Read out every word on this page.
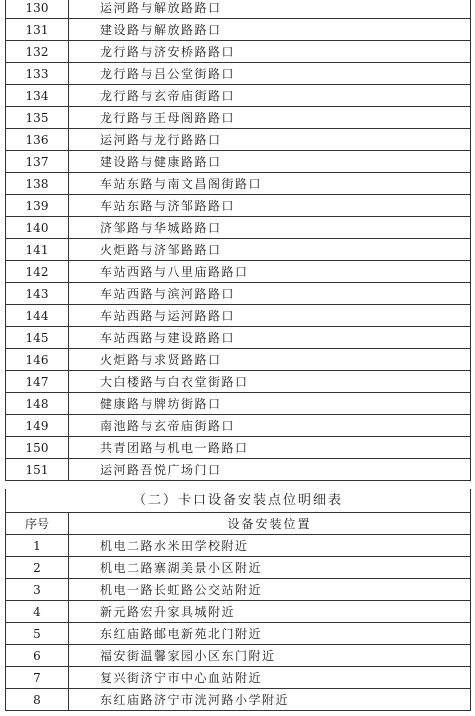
130	运河路与解放路路口
131	建设路与解放路路口
132	龙行路与济安桥路路口
133	龙行路与吕公堂街路口
134	龙行路与玄帝庙街路口
135	龙行路与王母阁路路口
136	运河路与龙行路路口
137	建设路与健康路路口
138	车站东路与南文昌阁街路口
139	车站东路与济邹路路口
140	济邹路与华城路路口
141	火炬路与济邹路路口
142	车站西路与八里庙路路口
143	车站西路与滨河路路口
144	车站西路与运河路路口
145	车站西路与建设路路口
146	火炬路与求贤路路口
147	大白楼路与白衣堂街路口
148	健康路与牌坊街路口
149	南池路与玄帝庙街路口
150	共青团路与机电一路路口
151	运河路吾悦广场门口
（二）卡口设备安装点位明细表
序号	设备安装位置
1	机电二路水米田学校附近
2	机电二路寨湖美景小区附近
3	机电一路长虹路公交站附近
4	新元路宏升家具城附近
5	东红庙路邮电新苑北门附近
6	福安街温馨家园小区东门附近
7	复兴街济宁市中心血站附近
8	东红庙路济宁市洸河路小学附近
